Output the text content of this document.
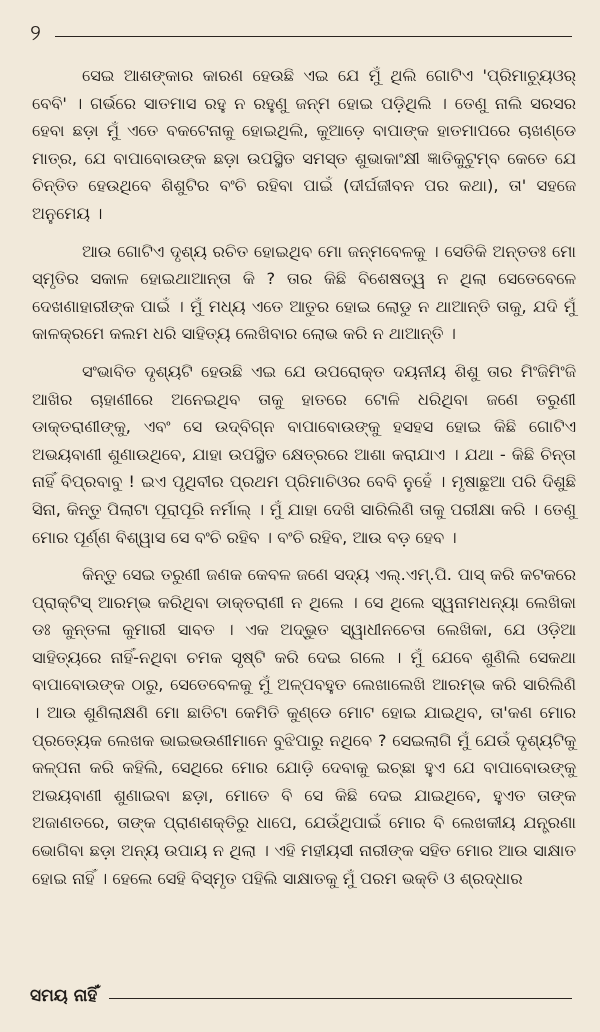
୨

ସେଇ ଆଶଙ୍କାର କାରଣ ହେଉଛି ଏଇ ଯେ ମୁଁ ଥିଲି ଗୋଟିଏ 'ପ୍ରିମାଚ୍ୟୁଓର୍ ବେବି' । ଗର୍ଭରେ ସାତମାସ ରହୁ ନ ରହୁଣୁ ଜନ୍ମ ହୋଇ ପଡ଼ିଥିଲି । ତେଣୁ ନାଲି ସରସର ହେବା ଛଡ଼ା ମୁଁ ଏତେ ବକଟେନାକୁ ହୋଇଥିଲି, କୁଆଡ଼େ ବାପାଙ୍କ ହାତମାପରେ ଚାଖଣ୍ଡେ ମାତ୍ର, ଯେ ବାପାବୋଉଙ୍କ ଛଡ଼ା ଉପସ୍ଥିତ ସମସ୍ତ ଶୁଭାକାଂକ୍ଷୀ ଜ୍ଞାତିକୁଟୁମ୍ବ କେତେ ଯେ ଚିନ୍ତିତ ହେଉଥିବେ ଶିଶୁଟିର ବଂଚି ରହିବା ପାଇଁ (ଦୀର୍ଘଜୀବନ ପର କଥା), ତା' ସହଜେ ଅନୁମେୟ ।

ଆଉ ଗୋଟିଏ ଦୃଶ୍ୟ ରଚିତ ହୋଇଥିବ ମୋ ଜନ୍ମବେଳକୁ । ସେତିକି ଅନ୍ତତଃ ମୋ ସ୍ମୃତିର ସକାଳ ହୋଇଥାଆନ୍ତା କି ? ତାର କିଛି ବିଶେଷତ୍ୱ ନ ଥିଲା ସେତେବେଳେ ଦେଖଣାହାରୀଙ୍କ ପାଇଁ । ମୁଁ ମଧ୍ୟ ଏତେ ଆତୁର ହୋଇ ଲୋଡୁ ନ ଥାଆନ୍ତି ତାକୁ, ଯଦି ମୁଁ କାଳକ୍ରମେ କଲମ ଧରି ସାହିତ୍ୟ ଲେଖିବାର ଲୋଭ କରି ନ ଥାଆନ୍ତି ।

ସଂଭାବିତ ଦୃଶ୍ୟଟି ହେଉଛି ଏଇ ଯେ ଉପରୋକ୍ତ ଦୟନୀୟ ଶିଶୁ ତାର ମିଂଜିମିଂଜି ଆଖିର ଚାହାଣୀରେ ଅନେଇଥିବ ତାକୁ ହାତରେ ଟୋଳି ଧରିଥିବା ଜଣେ ତରୁଣୀ ଡାକ୍ତରାଣୀଙ୍କୁ, ଏବଂ ସେ ଉଦ୍‌ବିଗ୍ନ ବାପାବୋଉଙ୍କୁ ହସହସ ହୋଇ କିଛି ଗୋଟିଏ ଅଭୟବାଣୀ ଶୁଣାଉଥିବେ, ଯାହା ଉପସ୍ଥିତ କ୍ଷେତ୍ରରେ ଆଶା କରାଯାଏ । ଯଥା - କିଛି ଚିନ୍ତା ନାହିଁ ବିପ୍ରବାବୁ ! ଇଏ ପୃଥିବୀର ପ୍ରଥମ ପ୍ରିମାଚିଓର ବେବି ନୁହେଁ । ମୃଷାଛୁଆ ପରି ଦିଶୁଛି ସିନା, କିନ୍ତୁ ପିଲାଟା ପୂରାପୂରି ନର୍ମାଲ୍ । ମୁଁ ଯାହା ଦେଖି ସାରିଲିଣି ତାକୁ ପରୀକ୍ଷା କରି । ତେଣୁ ମୋର ପୂର୍ଣ୍ଣ ବିଶ୍ୱାସ ସେ ବଂଚି ରହିବ । ବଂଚି ରହିବ, ଆଉ ବଡ଼ ହେବ ।

କିନ୍ତୁ ସେଇ ତରୁଣୀ ଜଣକ କେବଳ ଜଣେ ସଦ୍ୟ ଏଲ୍.ଏମ୍.ପି. ପାସ୍ କରି କଟକରେ ପ୍ରାକ୍ଟିସ୍ ଆରମ୍ଭ କରିଥିବା ଡାକ୍ତରାଣୀ ନ ଥିଲେ । ସେ ଥିଲେ ସ୍ୱନାମଧନ୍ୟା ଲେଖିକା ଡଃ କୁନ୍ତଳା କୁମାରୀ ସାବତ । ଏକ ଅଦ୍‌ଭୁତ ସ୍ୱାଧୀନଚେତା ଲେଖିକା, ଯେ ଓଡ଼ିଆ ସାହିତ୍ୟରେ ନାହିଁ-ନଥିବା ଚମକ ସୃଷ୍ଟି କରି ଦେଇ ଗଲେ । ମୁଁ ଯେବେ ଶୁଣିଲି ସେକଥା ବାପାବୋଉଙ୍କ ଠାରୁ, ସେତେବେଳକୁ ମୁଁ ଅଳ୍ପବହୁତ ଲେଖାଲେଖି ଆରମ୍ଭ କରି ସାରିଲିଣି । ଆଉ ଶୁଣିଲାକ୍ଷଣି ମୋ ଛାତିଟା କେମିତି କୁଣ୍ଡେ ମୋଟ ହୋଇ ଯାଇଥିବ, ତା'କଣ ମୋର ପ୍ରତ୍ୟେକ ଲେଖକ ଭାଇଭଉଣୀମାନେ ବୁଝିପାରୁ ନଥିବେ ? ସେଇଲାଗି ମୁଁ ଯେଉଁ ଦୃଶ୍ୟଟିକୁ କଳ୍ପନା କରି କହିଲି, ସେଥିରେ ମୋର ଯୋଡ଼ି ଦେବାକୁ ଇଚ୍ଛା ହୁଏ ଯେ ବାପାବୋଉଙ୍କୁ ଅଭୟବାଣୀ ଶୁଣାଇବା ଛଡ଼ା, ମୋତେ ବି ସେ କିଛି ଦେଇ ଯାଇଥିବେ, ହୁଏତ ତାଙ୍କ ଅଜାଣତରେ, ତାଙ୍କ ପ୍ରାଣଶକ୍ତିରୁ ଧାପେ, ଯେଉଁଥିପାଇଁ ମୋର ବି ଲେଖକୀୟ ଯନ୍ତ୍ରଣା ଭୋଗିବା ଛଡ଼ା ଅନ୍ୟ ଉପାୟ ନ ଥିଲା । ଏହି ମହୀୟସୀ ନାରୀଙ୍କ ସହିତ ମୋର ଆଉ ସାକ୍ଷାତ ହୋଇ ନାହିଁ । ହେଲେ ସେହି ବିସ୍ମୃତ ପହିଲି ସାକ୍ଷାତକୁ ମୁଁ ପରମ ଭକ୍ତି ଓ ଶ୍ରଦ୍ଧାର

ସମୟ ନାହିଁ
